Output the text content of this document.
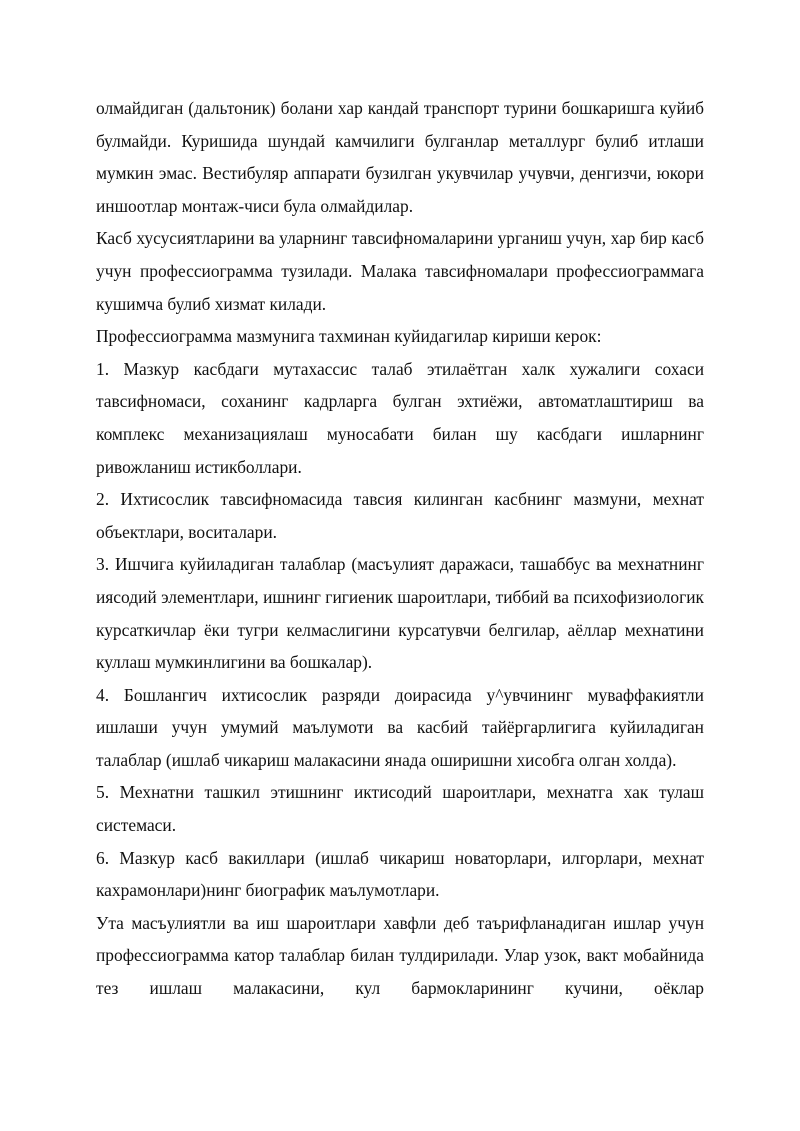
олмайдиган (дальтоник) болани хар кандай транспорт турини бошкаришга куйиб булмайди. Куришида шундай камчилиги булганлар металлург булиб итлаши мумкин эмас. Вестибуляр аппарати бузилган укувчилар учувчи, денгизчи, юкори иншоотлар монтаж-чиси була олмайдилар.

Касб хусусиятларини ва уларнинг тавсифномаларини урганиш учун, хар бир касб учун профессиограмма тузилади. Малака тавсифномалари профессиограммага кушимча булиб хизмат килади.

Профессиограмма мазмунига тахминан куйидагилар кириши керок:

1. Мазкур касбдаги мутахассис талаб этилаётган халк хужалиги сохаси тавсифномаси, соханинг кадрларга булган эхтиёжи, автоматлаштириш ва комплекс механизациялаш муносабати билан шу касбдаги ишларнинг ривожланиш истикболлари.

2. Ихтисослик тавсифномасида тавсия килинган касбнинг мазмуни, мехнат объектлари, воситалари.

3. Ишчига куйиладиган талаблар (масъулият даражаси, ташаббус ва мехнатнинг иясодий элементлари, ишнинг гигиеник шароитлари, тиббий ва психофизиологик курсаткичлар ёки тугри келмаслигини курсатувчи белгилар, аёллар мехнатини куллаш мумкинлигини ва бошкалар).

4. Бошлангич ихтисослик разряди доирасида у^увчининг муваффакиятли ишлаши учун умумий маълумоти ва касбий тайёргарлигига куйиладиган талаблар (ишлаб чикариш малакасини янада оширишни хисобга олган холда).

5. Мехнатни ташкил этишнинг иктисодий шароитлари, мехнатга хак тулаш системаси.

6. Мазкур касб вакиллари (ишлаб чикариш новаторлари, илгорлари, мехнат кахрамонлари)нинг биографик маълумотлари.

Ута масъулиятли ва иш шароитлари хавфли деб таърифланадиган ишлар учун профессиограмма катор талаблар билан тулдирилади. Улар узок, вакт мобайнида тез ишлаш малакасини, кул бармокларининг кучини, оёклар
